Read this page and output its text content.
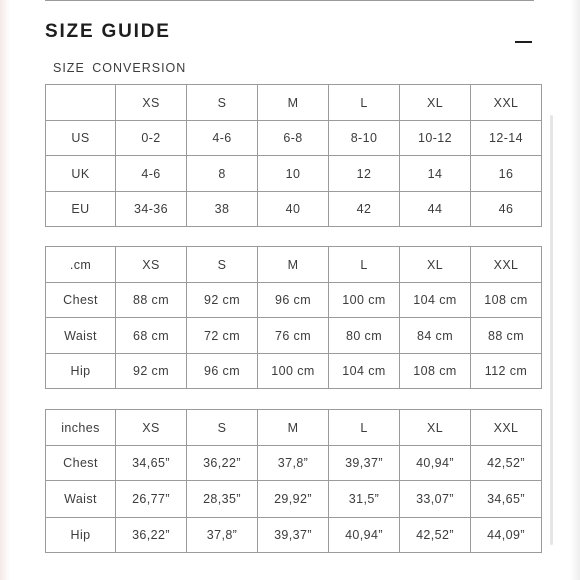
SIZE GUIDE
SIZE CONVERSION
	XS	S	M	L	XL	XXL
US	0-2	4-6	6-8	8-10	10-12	12-14
UK	4-6	8	10	12	14	16
EU	34-36	38	40	42	44	46
.cm	XS	S	M	L	XL	XXL
Chest	88 cm	92 cm	96 cm	100 cm	104 cm	108 cm
Waist	68 cm	72 cm	76 cm	80 cm	84 cm	88 cm
Hip	92 cm	96 cm	100 cm	104 cm	108 cm	112 cm
inches	XS	S	M	L	XL	XXL
Chest	34,65”	36,22”	37,8”	39,37”	40,94”	42,52”
Waist	26,77”	28,35”	29,92”	31,5”	33,07”	34,65”
Hip	36,22”	37,8”	39,37”	40,94”	42,52”	44,09”
